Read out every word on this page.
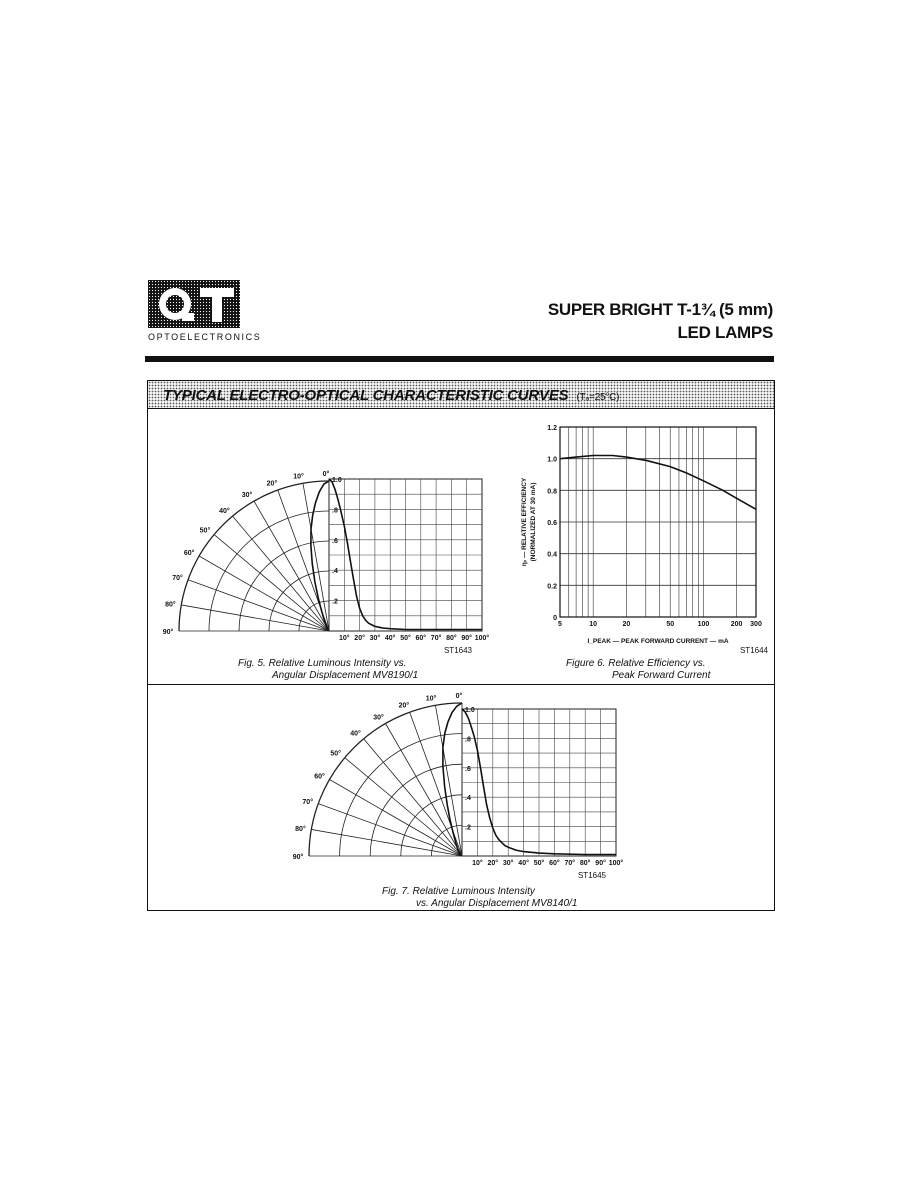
OPTOELECTRONICS
SUPER BRIGHT T-1¾ (5 mm)
LED LAMPS
TYPICAL ELECTRO-OPTICAL CHARACTERISTIC CURVES (Tₐ=25°C)
0°
10°
20°
30°
40°
50°
60°
70°
80°
90°
.2
.4
.6
.8
1.0
10° 20° 30° 40° 50° 60° 70° 80° 90° 100°
ST1643
Fig. 5. Relative Luminous Intensity vs.
Angular Displacement MV8190/1
0
0.2
0.4
0.6
0.8
1.0
1.2
5	10	20	50	100	200 300
I_PEAK — PEAK FORWARD CURRENT — mA
ηᵥ — RELATIVE EFFICIENCY (NORMALIZED AT 30 mA)
ST1644
Figure 6. Relative Efficiency vs.
Peak Forward Current
0°
10°
20°
30°
40°
50°
60°
70°
80°
90°
.2
.4
.6
.8
1.0
10° 20° 30° 40° 50° 60° 70° 80° 90° 100°
ST1645
Fig. 7. Relative Luminous Intensity
vs. Angular Displacement MV8140/1
